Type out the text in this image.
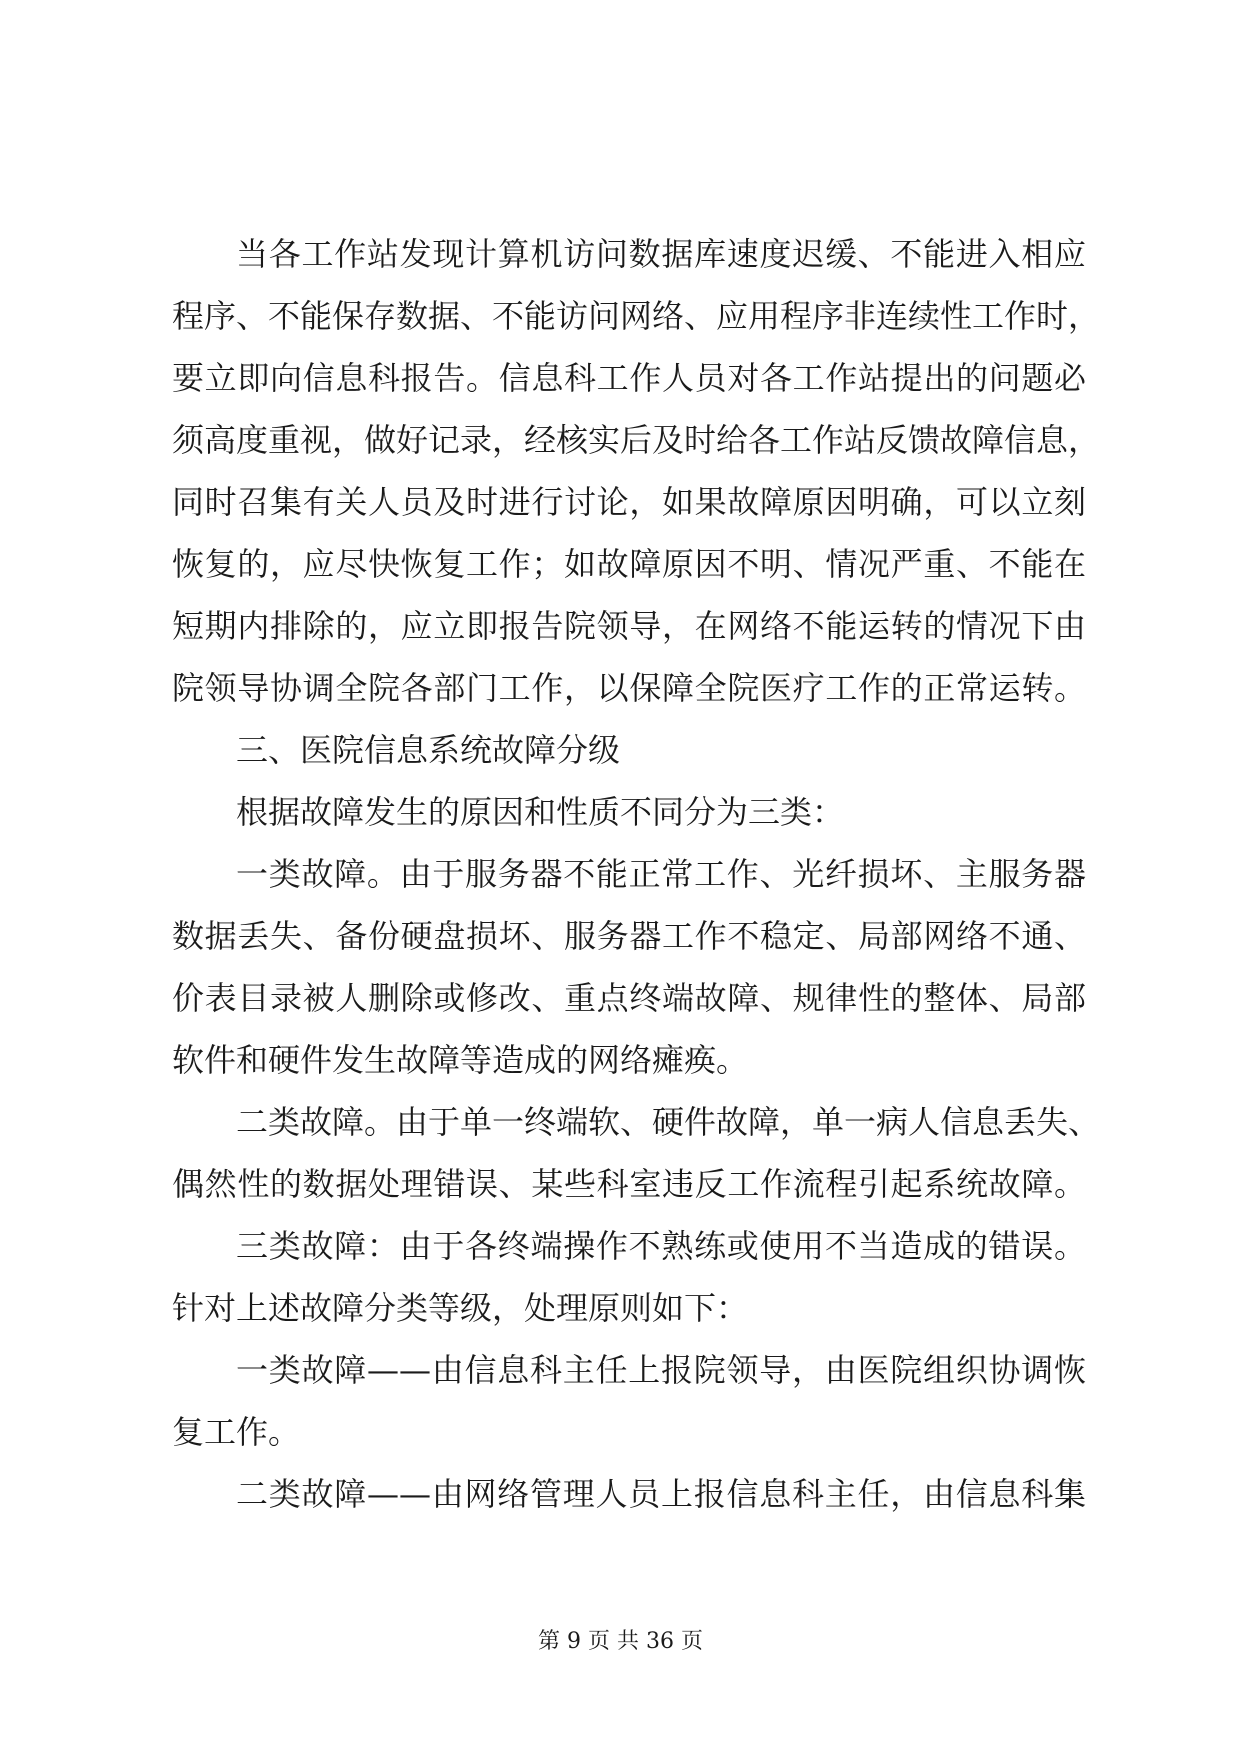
当各工作站发现计算机访问数据库速度迟缓、不能进入相应
程序、不能保存数据、不能访问网络、应用程序非连续性工作时，
要立即向信息科报告。信息科工作人员对各工作站提出的问题必
须高度重视，做好记录，经核实后及时给各工作站反馈故障信息，
同时召集有关人员及时进行讨论，如果故障原因明确，可以立刻
恢复的，应尽快恢复工作；如故障原因不明、情况严重、不能在
短期内排除的，应立即报告院领导，在网络不能运转的情况下由
院领导协调全院各部门工作，以保障全院医疗工作的正常运转。
三、医院信息系统故障分级
根据故障发生的原因和性质不同分为三类：
一类故障。由于服务器不能正常工作、光纤损坏、主服务器
数据丢失、备份硬盘损坏、服务器工作不稳定、局部网络不通、
价表目录被人删除或修改、重点终端故障、规律性的整体、局部
软件和硬件发生故障等造成的网络瘫痪。
二类故障。由于单一终端软、硬件故障，单一病人信息丢失、
偶然性的数据处理错误、某些科室违反工作流程引起系统故障。
三类故障：由于各终端操作不熟练或使用不当造成的错误。
针对上述故障分类等级，处理原则如下：
一类故障——由信息科主任上报院领导，由医院组织协调恢
复工作。
二类故障——由网络管理人员上报信息科主任，由信息科集
第 9 页 共 36 页
